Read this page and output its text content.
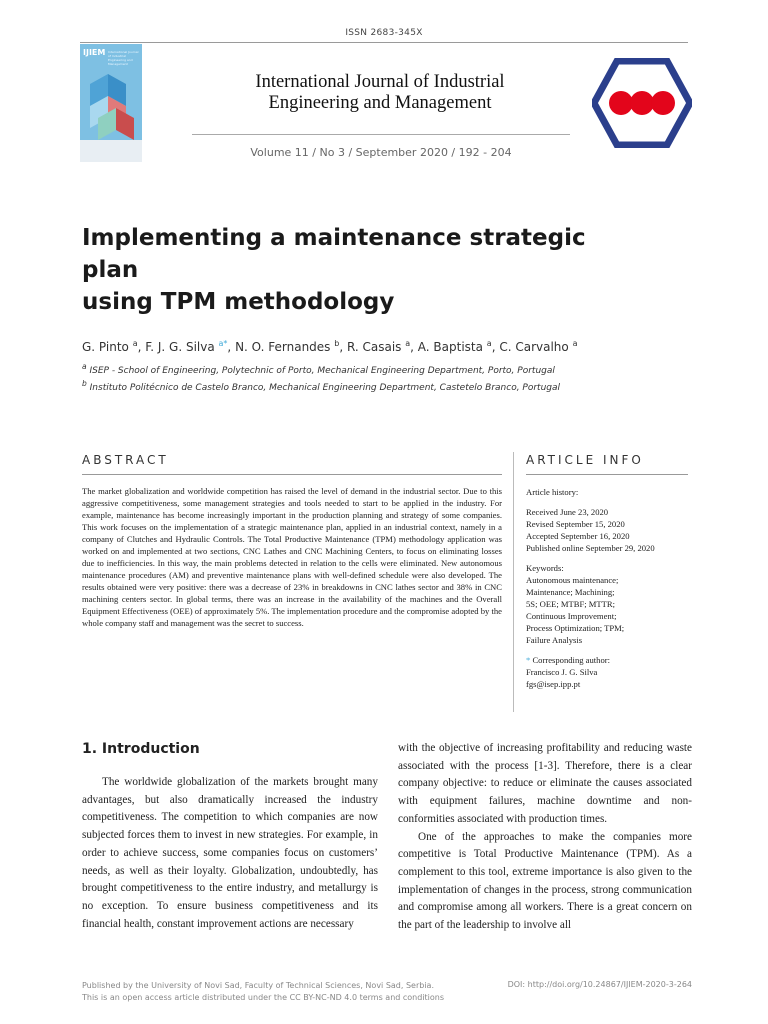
ISSN 2683-345X
IJIEM International Journal of Industrial Engineering and Management
International Journal of Industrial
Engineering and Management
Volume 11 / No 3 / September 2020 / 192 - 204
Implementing a maintenance strategic plan
using TPM methodology
G. Pinto $^a$, F. J. G. Silva $^{a*}$, N. O. Fernandes $^b$, R. Casais $^a$, A. Baptista $^a$, C. Carvalho $^a$
$^a$ ISEP - School of Engineering, Polytechnic of Porto, Mechanical Engineering Department, Porto, Portugal
$^b$ Instituto Politécnico de Castelo Branco, Mechanical Engineering Department, Castetelo Branco, Portugal
ABSTRACT
The market globalization and worldwide competition has raised the level of demand in the industrial sector. Due to this aggressive competitiveness, some management strategies and tools needed to start to be applied in the industry. For example, maintenance has become increasingly important in the production planning and strategy of some companies. This work focuses on the implementation of a strategic maintenance plan, applied in an industrial context, namely in a company of Clutches and Hydraulic Controls. The Total Productive Maintenance (TPM) methodology application was worked on and implemented at two sections, CNC Lathes and CNC Machining Centers, to focus on eliminating losses due to inefficiencies. In this way, the main problems detected in relation to the cells were eliminated. New autonomous maintenance procedures (AM) and preventive maintenance plans with well-defined schedule were also developed. The results obtained were very positive: there was a decrease of 23% in breakdowns in CNC lathes sector and 38% in CNC machining centers sector. In global terms, there was an increase in the availability of the machines and the Overall Equipment Effectiveness (OEE) of approximately 5%. The implementation procedure and the compromise adopted by the whole company staff and management was the secret to success.
ARTICLE INFO
Article history:
Received June 23, 2020
Revised September 15, 2020
Accepted September 16, 2020
Published online September 29, 2020
Keywords:
Autonomous maintenance;
Maintenance; Machining;
5S; OEE; MTBF; MTTR;
Continuous Improvement;
Process Optimization; TPM;
Failure Analysis
* Corresponding author:
Francisco J. G. Silva
fgs@isep.ipp.pt
1. Introduction

The worldwide globalization of the markets brought many advantages, but also dramatically increased the industry competitiveness. The competition to which companies are now subjected forces them to invest in new strategies. For example, in order to achieve success, some companies focus on customers’ needs, as well as their loyalty. Globalization, undoubtedly, has brought competitiveness to the entire industry, and metallurgy is no exception. To ensure business competitiveness and its financial health, constant improvement actions are necessary

with the objective of increasing profitability and reducing waste associated with the process [1-3]. Therefore, there is a clear company objective: to reduce or eliminate the causes associated with equipment failures, machine downtime and non-conformities associated with production times.

One of the approaches to make the companies more competitive is Total Productive Maintenance (TPM). As a complement to this tool, extreme importance is also given to the implementation of changes in the process, strong communication and compromise among all workers. There is a great concern on the part of the leadership to involve all

Published by the University of Novi Sad, Faculty of Technical Sciences, Novi Sad, Serbia.
This is an open access article distributed under the CC BY-NC-ND 4.0 terms and conditions
DOI: http://doi.org/10.24867/IJIEM-2020-3-264
